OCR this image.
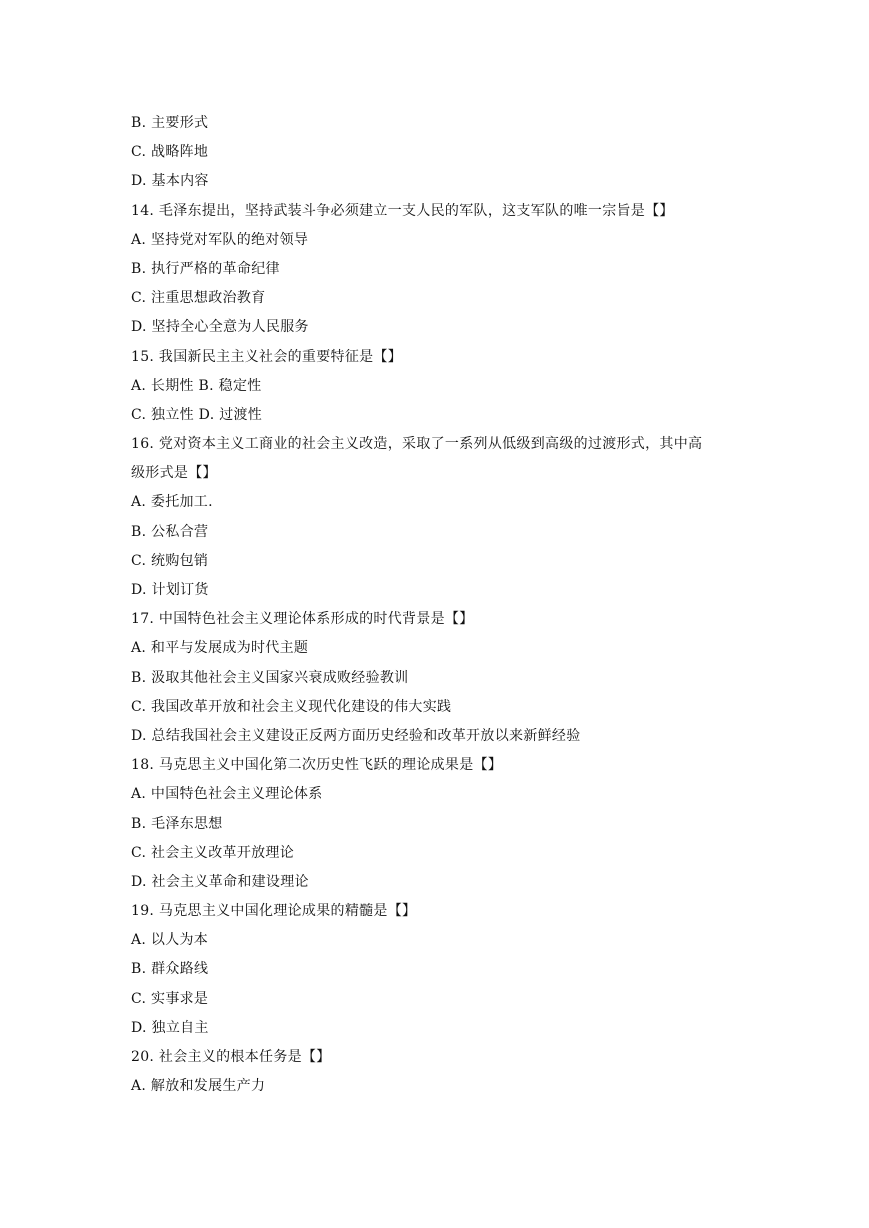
B. 主要形式
C. 战略阵地
D. 基本内容
14. 毛泽东提出，坚持武装斗争必须建立一支人民的军队，这支军队的唯一宗旨是【】
A. 坚持党对军队的绝对领导
B. 执行严格的革命纪律
C. 注重思想政治教育
D. 坚持全心全意为人民服务
15. 我国新民主主义社会的重要特征是【】
A. 长期性 B. 稳定性
C. 独立性 D. 过渡性
16. 党对资本主义工商业的社会主义改造，采取了一系列从低级到高级的过渡形式，其中高
级形式是【】
A. 委托加工.
B. 公私合营
C. 统购包销
D. 计划订货
17. 中国特色社会主义理论体系形成的时代背景是【】
A. 和平与发展成为时代主题
B. 汲取其他社会主义国家兴衰成败经验教训
C. 我国改革开放和社会主义现代化建设的伟大实践
D. 总结我国社会主义建设正反两方面历史经验和改革开放以来新鲜经验
18. 马克思主义中国化第二次历史性飞跃的理论成果是【】
A. 中国特色社会主义理论体系
B. 毛泽东思想
C. 社会主义改革开放理论
D. 社会主义革命和建设理论
19. 马克思主义中国化理论成果的精髓是【】
A. 以人为本
B. 群众路线
C. 实事求是
D. 独立自主
20. 社会主义的根本任务是【】
A. 解放和发展生产力
